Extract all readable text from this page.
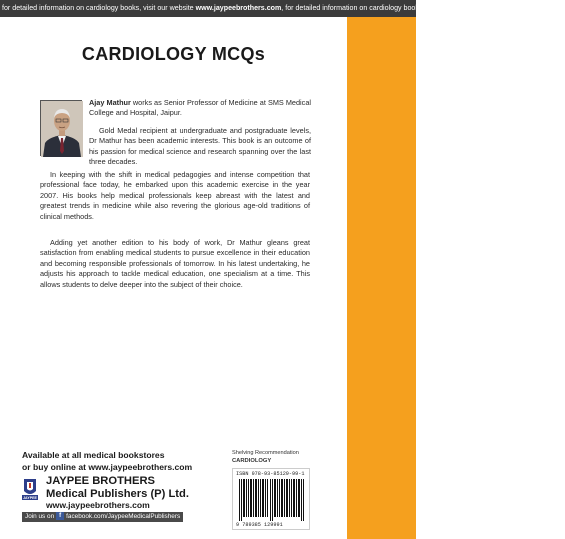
for detailed information on cardiology books, visit our website www.jaypeebrothers.com, for detailed information on cardiology books, visit our website www.jaypeebrothers.com
CARDIOLOGY MCQs
Ajay Mathur works as Senior Professor of Medicine at SMS Medical College and Hospital, Jaipur.
Gold Medal recipient at undergraduate and postgraduate levels, Dr Mathur has been academic interests. This book is an outcome of his passion for medical science and research spanning over the last three decades.
In keeping with the shift in medical pedagogies and intense competition that professional face today, he embarked upon this academic exercise in the year 2007. His books help medical professionals keep abreast with the latest and greatest trends in medicine while also revering the glorious age-old traditions of clinical methods.
Adding yet another edition to his body of work, Dr Mathur gleans great satisfaction from enabling medical students to pursue excellence in their education and becoming responsible professionals of tomorrow. In his latest undertaking, he adjusts his approach to tackle medical education, one specialism at a time. This allows students to delve deeper into the subject of their choice.
Available at all medical bookstores
or buy online at www.jaypeebrothers.com
JAYPEE
JAYPEE BROTHERS
Medical Publishers (P) Ltd.
www.jaypeebrothers.com
Join us on f facebook.com/JaypeeMedicalPublishers
Shelving Recommendation
CARDIOLOGY
ISBN 978-93-85129-99-1
9 789385 129991
